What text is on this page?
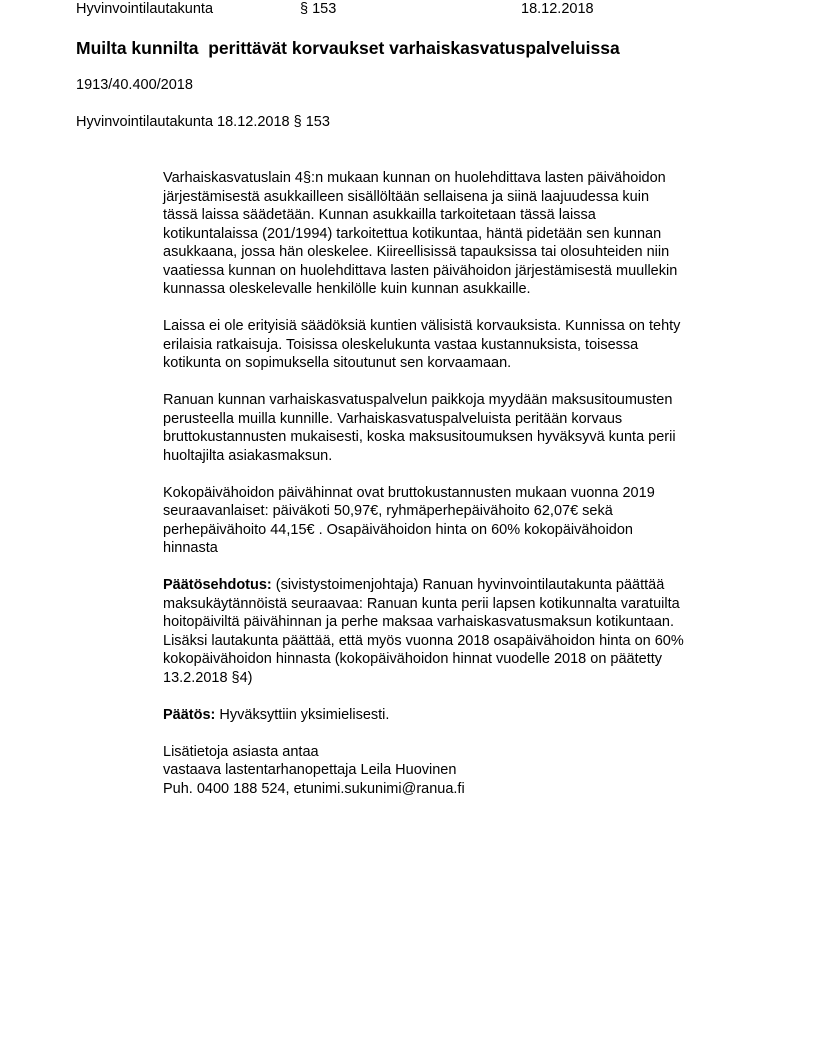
Hyvinvointilautakunta	§ 153	18.12.2018
Muilta kunnilta  perittävät korvaukset varhaiskasvatuspalveluissa
1913/40.400/2018
Hyvinvointilautakunta 18.12.2018 § 153

Varhaiskasvatuslain 4§:n mukaan kunnan on huolehdittava lasten päivähoidon
järjestämisestä asukkailleen sisällöltään sellaisena ja siinä laajuudessa kuin
tässä laissa säädetään. Kunnan asukkailla tarkoitetaan tässä laissa
kotikuntalaissa (201/1994) tarkoitettua kotikuntaa, häntä pidetään sen kunnan
asukkaana, jossa hän oleskelee. Kiireellisissä tapauksissa tai olosuhteiden niin
vaatiessa kunnan on huolehdittava lasten päivähoidon järjestämisestä muullekin
kunnassa oleskelevalle henkilölle kuin kunnan asukkaille.

Laissa ei ole erityisiä säädöksiä kuntien välisistä korvauksista. Kunnissa on tehty
erilaisia ratkaisuja. Toisissa oleskelukunta vastaa kustannuksista, toisessa
kotikunta on sopimuksella sitoutunut sen korvaamaan.

Ranuan kunnan varhaiskasvatuspalvelun paikkoja myydään maksusitoumusten
perusteella muilla kunnille. Varhaiskasvatuspalveluista peritään korvaus
bruttokustannusten mukaisesti, koska maksusitoumuksen hyväksyvä kunta perii
huoltajilta asiakasmaksun.

Kokopäivähoidon päivähinnat ovat bruttokustannusten mukaan vuonna 2019
seuraavanlaiset: päiväkoti 50,97€, ryhmäperhepäivähoito 62,07€ sekä
perhepäivähoito 44,15€ . Osapäivähoidon hinta on 60% kokopäivähoidon
hinnasta

Päätösehdotus: (sivistystoimenjohtaja) Ranuan hyvinvointilautakunta päättää
maksukäytännöistä seuraavaa: Ranuan kunta perii lapsen kotikunnalta varatuilta
hoitopäiviltä päivähinnan ja perhe maksaa varhaiskasvatusmaksun kotikuntaan.
Lisäksi lautakunta päättää, että myös vuonna 2018 osapäivähoidon hinta on 60%
kokopäivähoidon hinnasta (kokopäivähoidon hinnat vuodelle 2018 on päätetty
13.2.2018 §4)

Päätös: Hyväksyttiin yksimielisesti.

Lisätietoja asiasta antaa
vastaava lastentarhanopettaja Leila Huovinen
Puh. 0400 188 524, etunimi.sukunimi@ranua.fi
